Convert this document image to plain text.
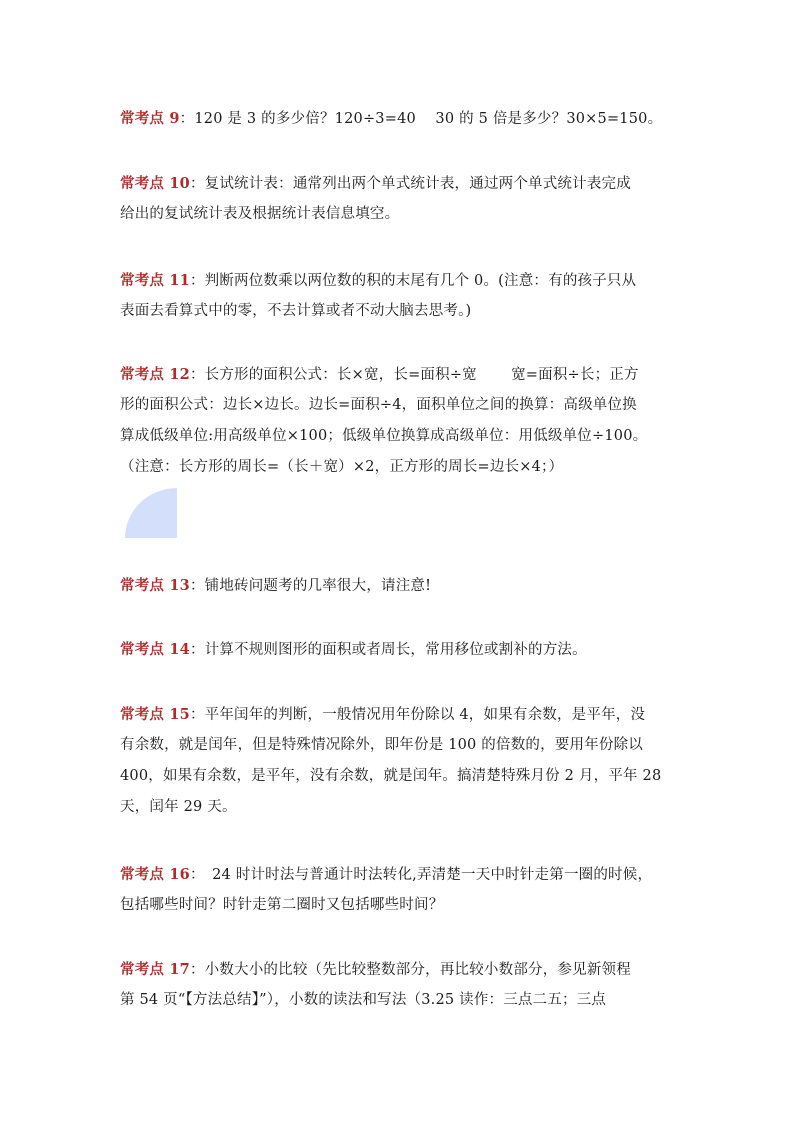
常考点 9：120 是 3 的多少倍？120÷3=40　 30 的 5 倍是多少？30×5=150。
常考点 10：复试统计表：通常列出两个单式统计表，通过两个单式统计表完成
给出的复试统计表及根据统计表信息填空。
常考点 11：判断两位数乘以两位数的积的末尾有几个 0。(注意：有的孩子只从
表面去看算式中的零，不去计算或者不动大脑去思考。)
常考点 12：长方形的面积公式：长×宽，长=面积÷宽　　 宽=面积÷长；正方
形的面积公式：边长×边长。边长=面积÷4，面积单位之间的换算：高级单位换
算成低级单位:用高级单位×100；低级单位换算成高级单位：用低级单位÷100。
（注意：长方形的周长=（长＋宽）×2，正方形的周长=边长×4；）
常考点 13：铺地砖问题考的几率很大，请注意!
常考点 14：计算不规则图形的面积或者周长，常用移位或割补的方法。
常考点 15：平年闰年的判断，一般情况用年份除以 4，如果有余数，是平年，没
有余数，就是闰年，但是特殊情况除外，即年份是 100 的倍数的，要用年份除以
400，如果有余数，是平年，没有余数，就是闰年。搞清楚特殊月份 2 月，平年 28
天，闰年 29 天。
常考点 16：　24 时计时法与普通计时法转化,弄清楚一天中时针走第一圈的时候，
包括哪些时间？时针走第二圈时又包括哪些时间？
常考点 17：小数大小的比较（先比较整数部分，再比较小数部分，参见新领程
第 54 页“【方法总结】”），小数的读法和写法（3.25 读作：三点二五；三点
